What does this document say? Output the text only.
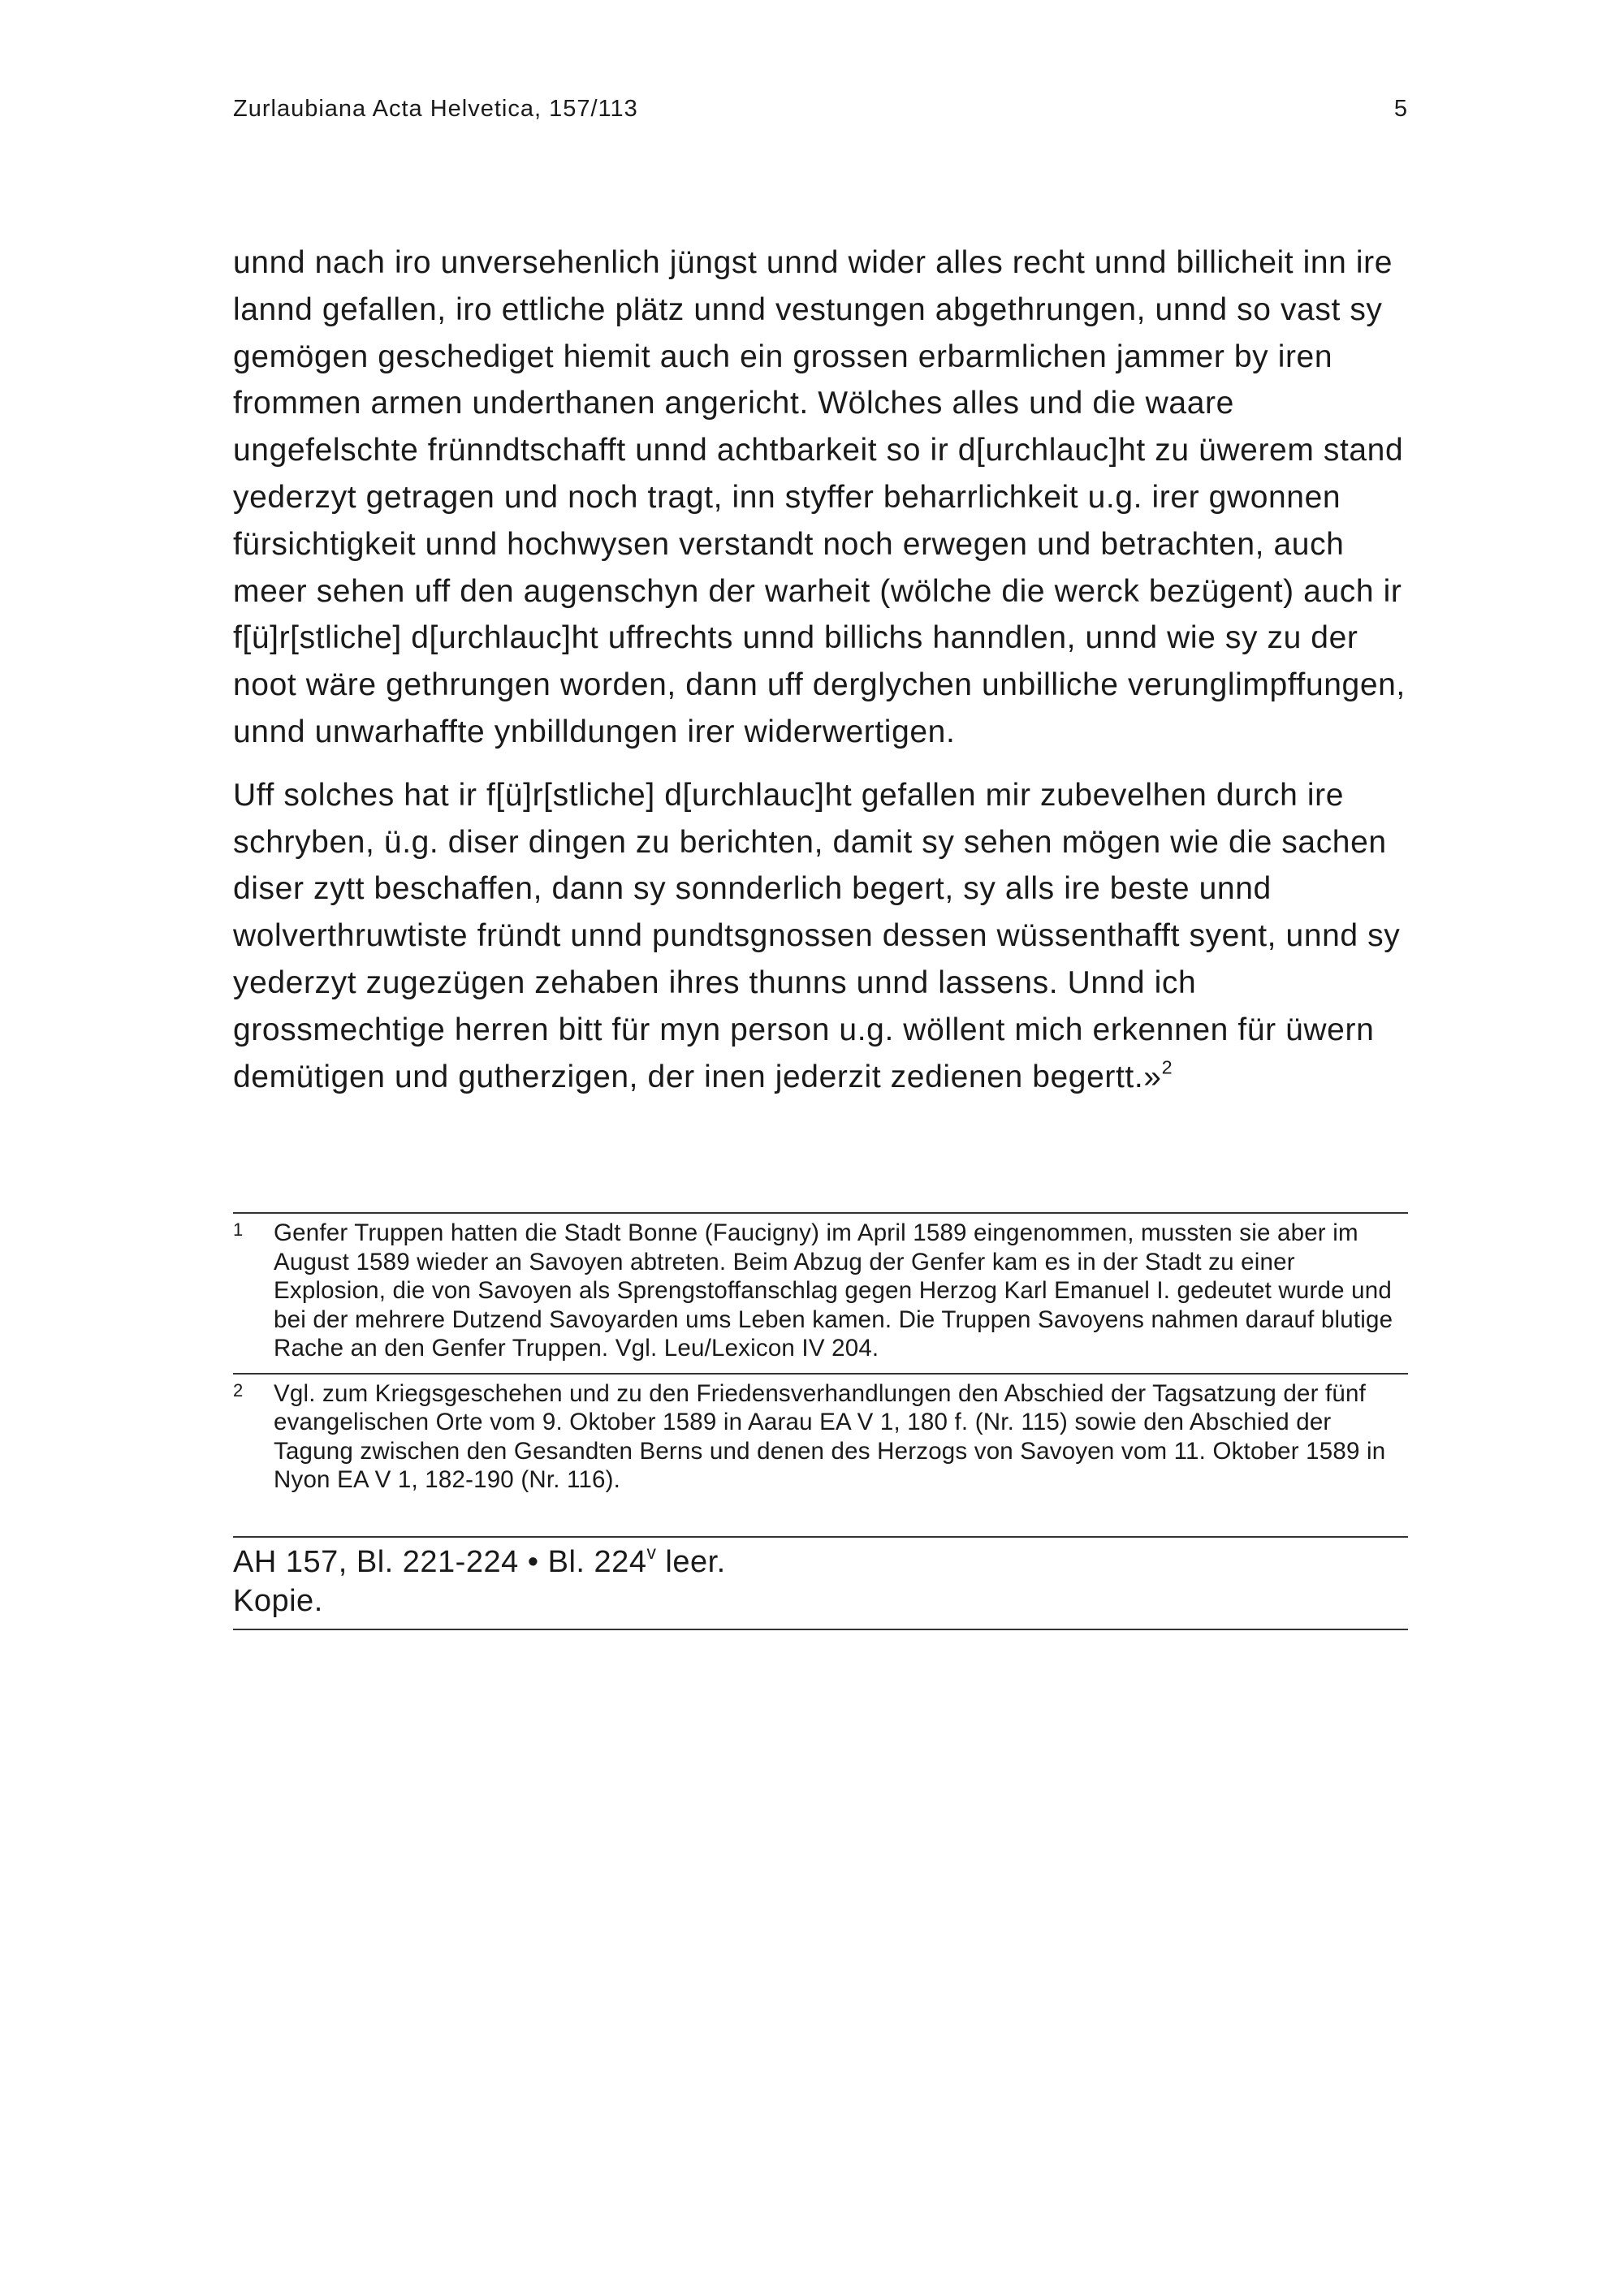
Zurlaubiana Acta Helvetica, 157/113	5

unnd nach iro unversehenlich jüngst unnd wider alles recht unnd billicheit inn ire lannd gefallen, iro ettliche plätz unnd vestungen abgethrungen, unnd so vast sy gemögen geschediget hiemit auch ein grossen erbarmlichen jammer by iren frommen armen underthanen angericht. Wölches alles und die waare ungefelschte frünndtschafft unnd achtbarkeit so ir d[urchlauc]ht zu üwerem stand yederzyt getragen und noch tragt, inn styffer beharrlichkeit u.g. irer gwonnen fürsichtigkeit unnd hochwysen verstandt noch erwegen und betrachten, auch meer sehen uff den augenschyn der warheit (wölche die werck bezügent) auch ir f[ü]r[stliche] d[urchlauc]ht uffrechts unnd billichs hanndlen, unnd wie sy zu der noot wäre gethrungen worden, dann uff derglychen unbilliche verunglimpffungen, unnd unwarhaffte ynbilldungen irer widerwertigen.

Uff solches hat ir f[ü]r[stliche] d[urchlauc]ht gefallen mir zubevelhen durch ire schryben, ü.g. diser dingen zu berichten, damit sy sehen mögen wie die sachen diser zytt beschaffen, dann sy sonnderlich begert, sy alls ire beste unnd wolverthruwtiste fründt unnd pundtsgnossen dessen wüssenthafft syent, unnd sy yederzyt zugezügen zehaben ihres thunns unnd lassens. Unnd ich grossmechtige herren bitt für myn person u.g. wöllent mich erkennen für üwern demütigen und gutherzigen, der inen jederzit zedienen begertt.»$^2$

1 Genfer Truppen hatten die Stadt Bonne (Faucigny) im April 1589 eingenommen, mussten sie aber im August 1589 wieder an Savoyen abtreten. Beim Abzug der Genfer kam es in der Stadt zu einer Explosion, die von Savoyen als Sprengstoffanschlag gegen Herzog Karl Emanuel I. gedeutet wurde und bei der mehrere Dutzend Savoyarden ums Leben kamen. Die Truppen Savoyens nahmen darauf blutige Rache an den Genfer Truppen. Vgl. Leu/Lexicon IV 204.
2 Vgl. zum Kriegsgeschehen und zu den Friedensverhandlungen den Abschied der Tagsatzung der fünf evangelischen Orte vom 9. Oktober 1589 in Aarau EA V 1, 180 f. (Nr. 115) sowie den Abschied der Tagung zwischen den Gesandten Berns und denen des Herzogs von Savoyen vom 11. Oktober 1589 in Nyon EA V 1, 182-190 (Nr. 116).
AH 157, Bl. 221-224 • Bl. 224$^v$ leer.
Kopie.
